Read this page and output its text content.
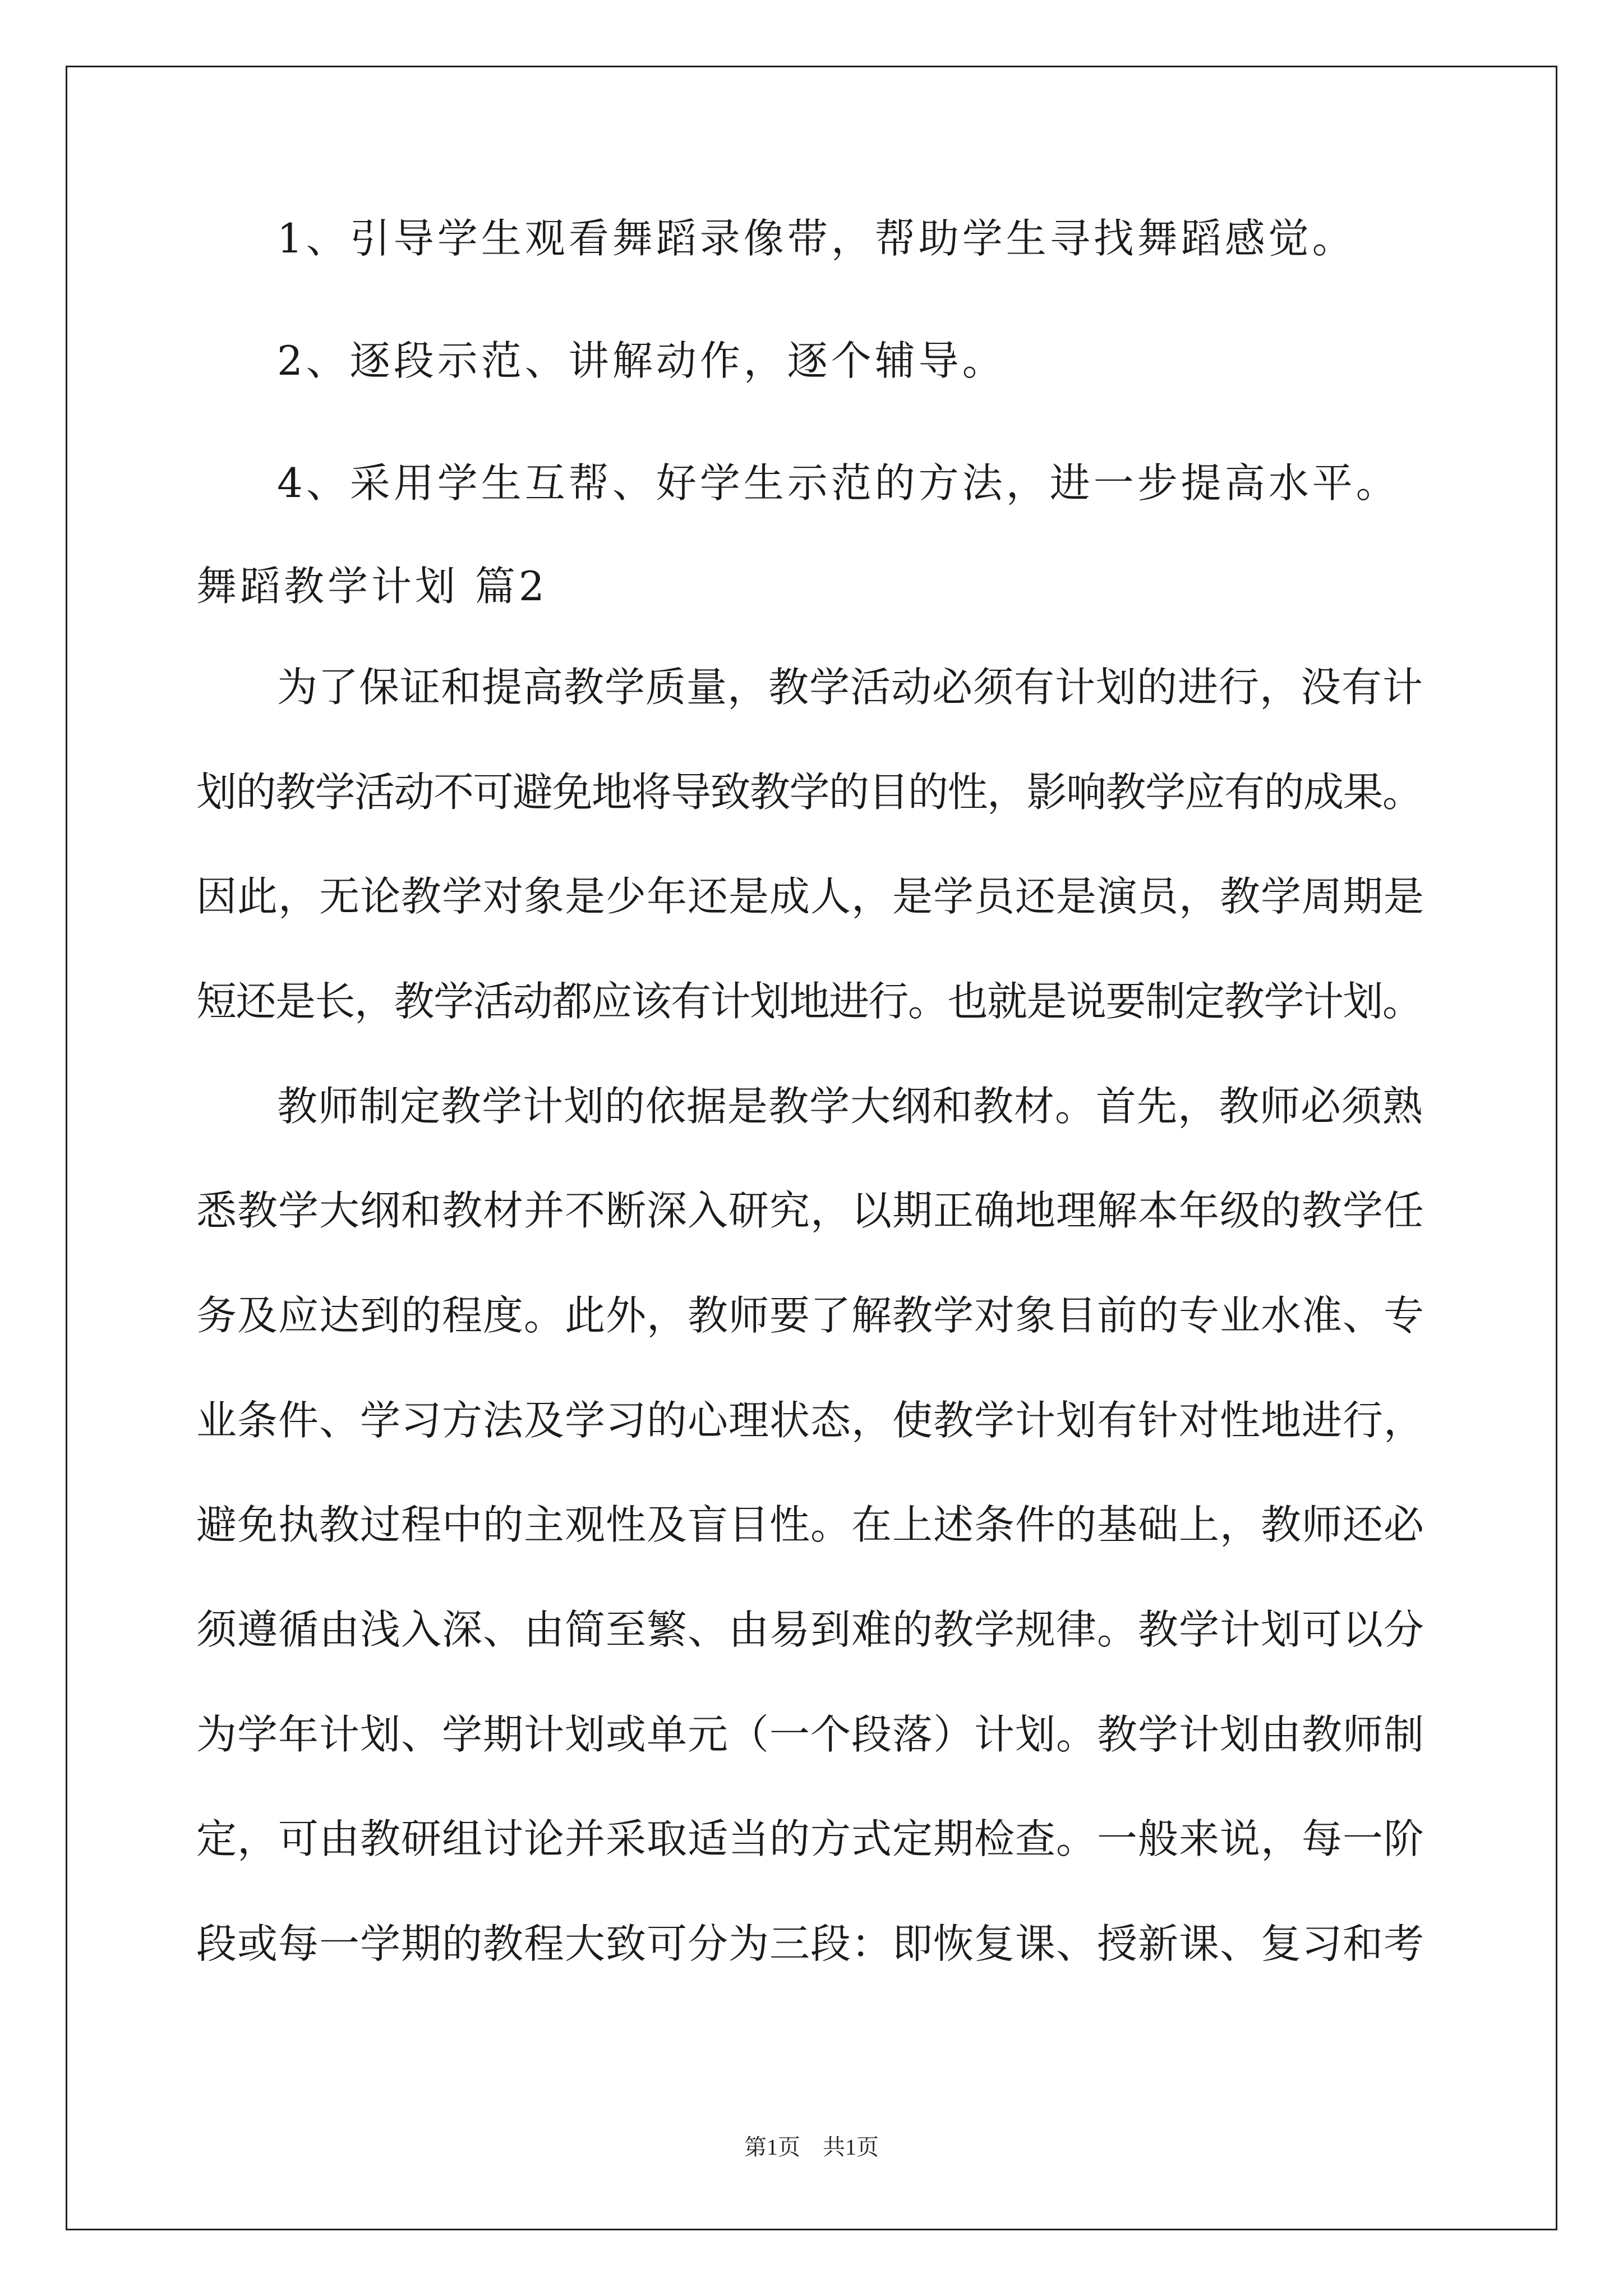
1、引导学生观看舞蹈录像带，帮助学生寻找舞蹈感觉。

2、逐段示范、讲解动作，逐个辅导。

4、采用学生互帮、好学生示范的方法，进一步提高水平。

舞蹈教学计划 篇2

为了保证和提高教学质量，教学活动必须有计划的进行，没有计

划的教学活动不可避免地将导致教学的目的性，影响教学应有的成果。

因此，无论教学对象是少年还是成人，是学员还是演员，教学周期是

短还是长，教学活动都应该有计划地进行。也就是说要制定教学计划。

教师制定教学计划的依据是教学大纲和教材。首先，教师必须熟

悉教学大纲和教材并不断深入研究，以期正确地理解本年级的教学任

务及应达到的程度。此外，教师要了解教学对象目前的专业水准、专

业条件、学习方法及学习的心理状态，使教学计划有针对性地进行，

避免执教过程中的主观性及盲目性。在上述条件的基础上，教师还必

须遵循由浅入深、由简至繁、由易到难的教学规律。教学计划可以分

为学年计划、学期计划或单元（一个段落）计划。教学计划由教师制

定，可由教研组讨论并采取适当的方式定期检查。一般来说，每一阶

段或每一学期的教程大致可分为三段：即恢复课、授新课、复习和考

第1页　共1页
